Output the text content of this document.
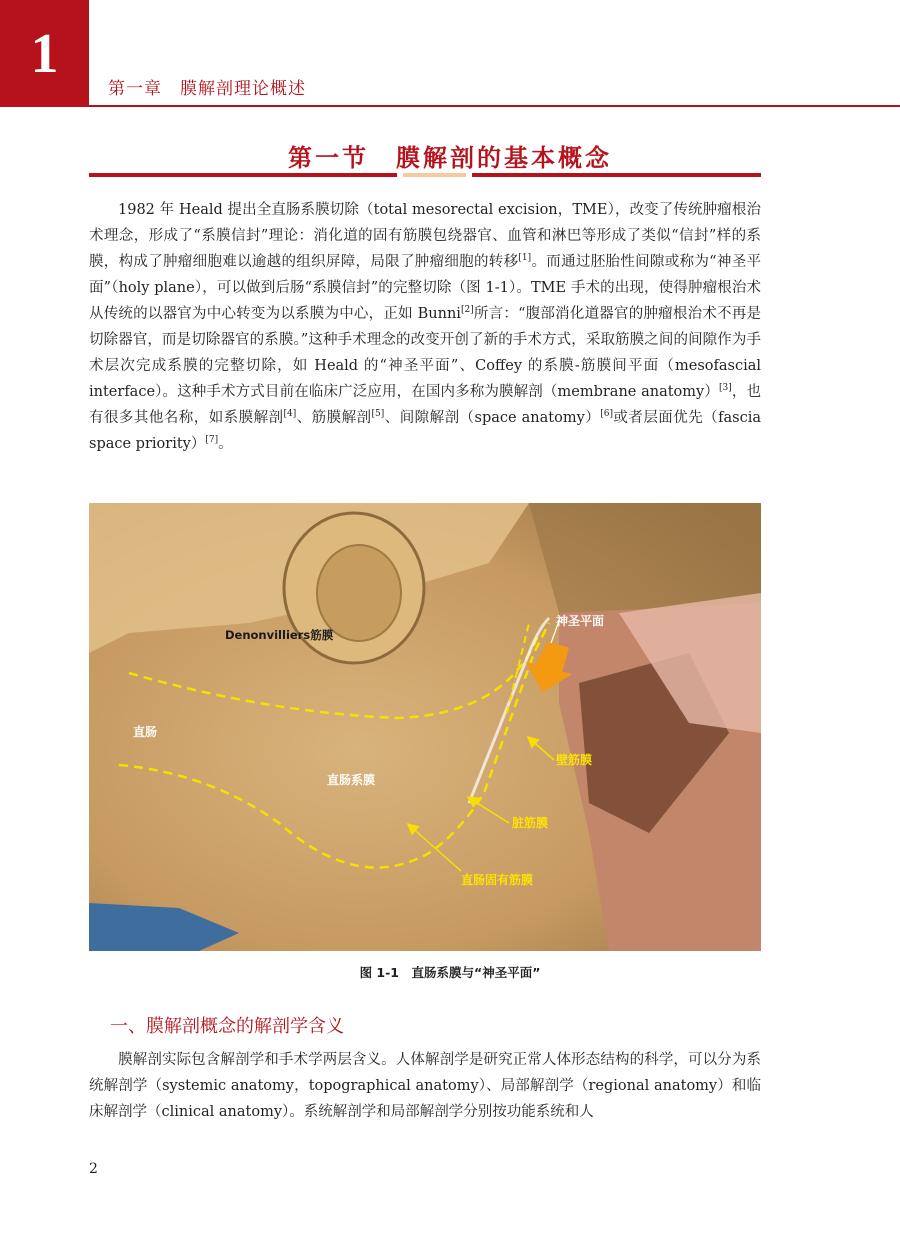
1
第一章　膜解剖理论概述
第一节　膜解剖的基本概念

1982 年 Heald 提出全直肠系膜切除（total mesorectal excision，TME），改变了传统肿瘤根治术理念，形成了“系膜信封”理论：消化道的固有筋膜包绕器官、血管和淋巴等形成了类似“信封”样的系膜，构成了肿瘤细胞难以逾越的组织屏障，局限了肿瘤细胞的转移[1]。而通过胚胎性间隙或称为“神圣平面”（holy plane），可以做到后肠“系膜信封”的完整切除（图 1-1）。TME 手术的出现，使得肿瘤根治术从传统的以器官为中心转变为以系膜为中心，正如 Bunni[2]所言：“腹部消化道器官的肿瘤根治术不再是切除器官，而是切除器官的系膜。”这种手术理念的改变开创了新的手术方式，采取筋膜之间的间隙作为手术层次完成系膜的完整切除，如 Heald 的“神圣平面”、Coffey 的系膜-筋膜间平面（mesofascial interface）。这种手术方式目前在临床广泛应用，在国内多称为膜解剖（membrane anatomy）[3]，也有很多其他名称，如系膜解剖[4]、筋膜解剖[5]、间隙解剖（space anatomy）[6]或者层面优先（fascia space priority）[7]。

神圣平面
Denonvilliers筋膜
直肠
直肠系膜
壁筋膜
脏筋膜
直肠固有筋膜
图 1-1　直肠系膜与“神圣平面”
一、膜解剖概念的解剖学含义

膜解剖实际包含解剖学和手术学两层含义。人体解剖学是研究正常人体形态结构的科学，可以分为系统解剖学（systemic anatomy，topographical anatomy）、局部解剖学（regional anatomy）和临床解剖学（clinical anatomy）。系统解剖学和局部解剖学分别按功能系统和人

2
